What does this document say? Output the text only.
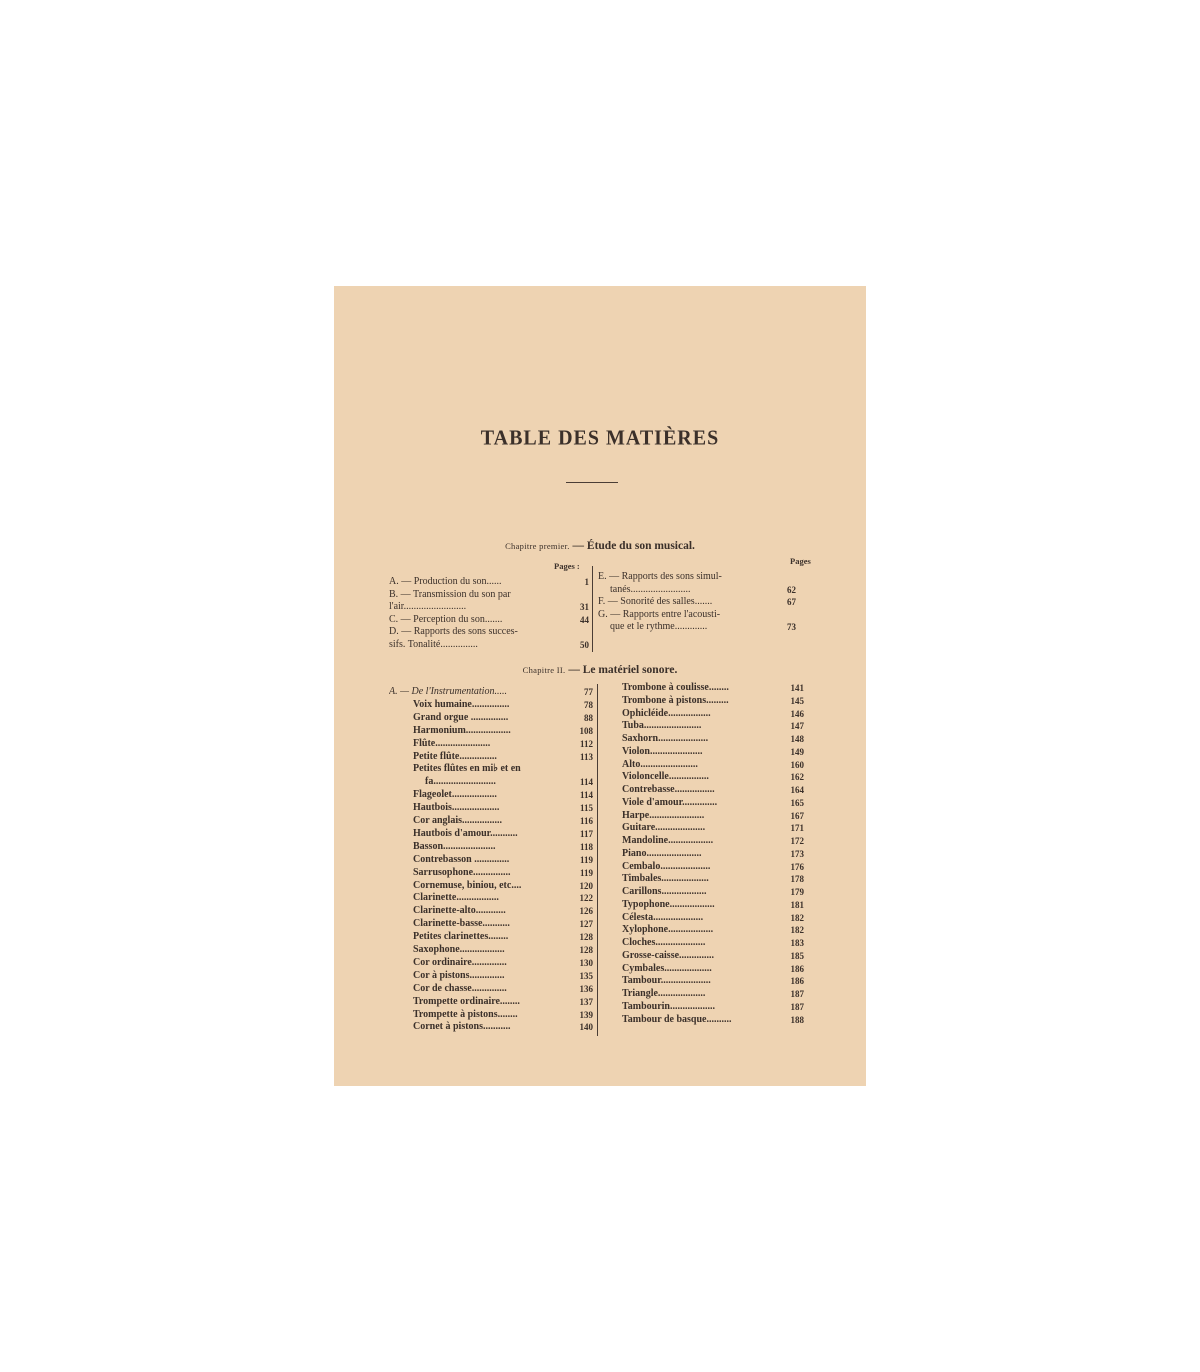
TABLE DES MATIÈRES
Chapitre premier. — Étude du son musical.
Pages :	Pages
A. — Production du son......	1
B. — Transmission du son par
l'air.........................	31
C. — Perception du son.......	44
D. — Rapports des sons succes-
sifs. Tonalité...............	50
E. — Rapports des sons simul-
tanés........................	62
F. — Sonorité des salles.......	67
G. — Rapports entre l'acousti-
que et le rythme.............	73
Chapitre II. — Le matériel sonore.
A. — De l'Instrumentation.....	77
Voix humaine...............	78
Grand orgue ...............	88
Harmonium..................	108
Flûte......................	112
Petite flûte...............	113
Petites flûtes en mi♭ et en
fa.........................	114
Flageolet..................	114
Hautbois...................	115
Cor anglais................	116
Hautbois d'amour...........	117
Basson.....................	118
Contrebasson ..............	119
Sarrusophone...............	119
Cornemuse, biniou, etc....	120
Clarinette.................	122
Clarinette-alto............	126
Clarinette-basse...........	127
Petites clarinettes........	128
Saxophone..................	128
Cor ordinaire..............	130
Cor à pistons..............	135
Cor de chasse..............	136
Trompette ordinaire........	137
Trompette à pistons........	139
Cornet à pistons...........	140
Trombone à coulisse........	141
Trombone à pistons.........	145
Ophicléide.................	146
Tuba.......................	147
Saxhorn....................	148
Violon.....................	149
Alto.......................	160
Violoncelle................	162
Contrebasse................	164
Viole d'amour..............	165
Harpe......................	167
Guitare....................	171
Mandoline..................	172
Piano......................	173
Cembalo....................	176
Timbales...................	178
Carillons..................	179
Typophone..................	181
Célesta....................	182
Xylophone..................	182
Cloches....................	183
Grosse-caisse..............	185
Cymbales...................	186
Tambour....................	186
Triangle...................	187
Tambourin..................	187
Tambour de basque..........	188
